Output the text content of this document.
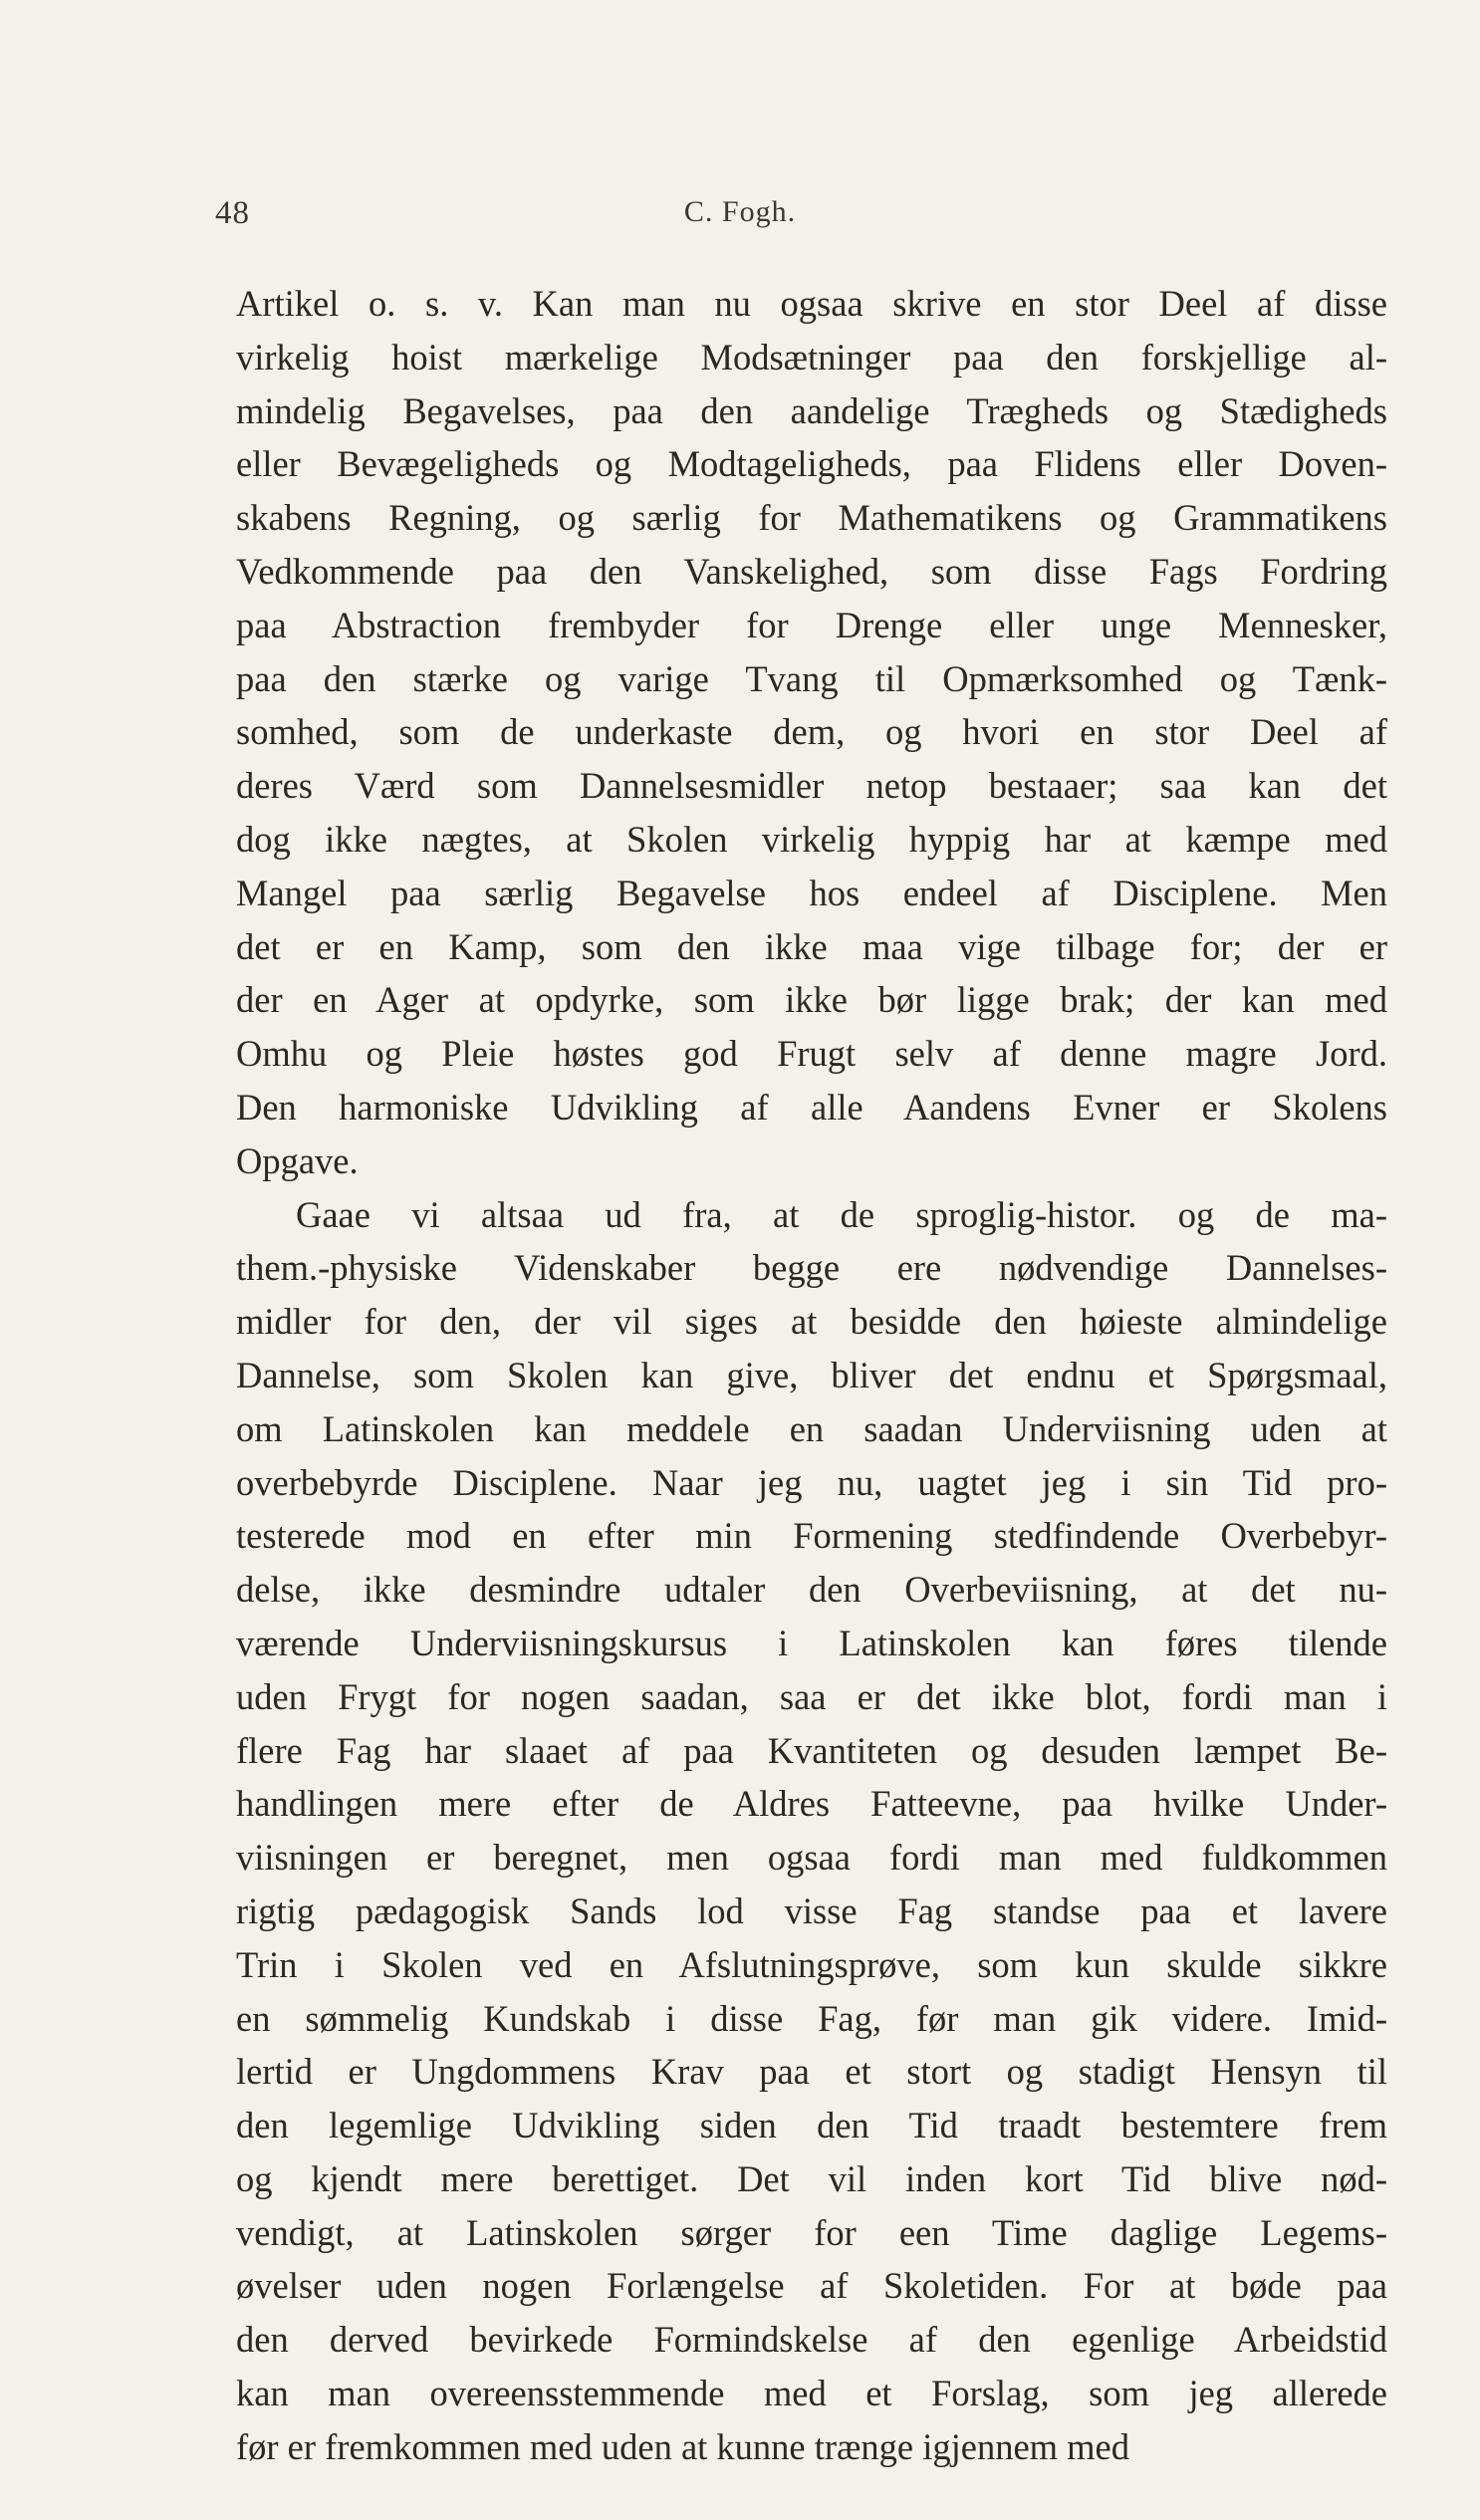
48	C. Fogh.
Artikel o. s. v. Kan man nu ogsaa skrive en stor Deel af disse
virkelig hoist mærkelige Modsætninger paa den forskjellige al-
mindelig Begavelses, paa den aandelige Trægheds og Stædigheds
eller Bevægeligheds og Modtageligheds, paa Flidens eller Doven-
skabens Regning, og særlig for Mathematikens og Grammatikens
Vedkommende paa den Vanskelighed, som disse Fags Fordring
paa Abstraction frembyder for Drenge eller unge Mennesker,
paa den stærke og varige Tvang til Opmærksomhed og Tænk-
somhed, som de underkaste dem, og hvori en stor Deel af
deres Værd som Dannelsesmidler netop bestaaer; saa kan det
dog ikke nægtes, at Skolen virkelig hyppig har at kæmpe med
Mangel paa særlig Begavelse hos endeel af Disciplene. Men
det er en Kamp, som den ikke maa vige tilbage for; der er
der en Ager at opdyrke, som ikke bør ligge brak; der kan med
Omhu og Pleie høstes god Frugt selv af denne magre Jord.
Den harmoniske Udvikling af alle Aandens Evner er Skolens
Opgave.
Gaae vi altsaa ud fra, at de sproglig-histor. og de ma-
them.-physiske Videnskaber begge ere nødvendige Dannelses-
midler for den, der vil siges at besidde den høieste almindelige
Dannelse, som Skolen kan give, bliver det endnu et Spørgsmaal,
om Latinskolen kan meddele en saadan Underviisning uden at
overbebyrde Disciplene. Naar jeg nu, uagtet jeg i sin Tid pro-
testerede mod en efter min Formening stedfindende Overbebyr-
delse, ikke desmindre udtaler den Overbeviisning, at det nu-
værende Underviisningskursus i Latinskolen kan føres tilende
uden Frygt for nogen saadan, saa er det ikke blot, fordi man i
flere Fag har slaaet af paa Kvantiteten og desuden læmpet Be-
handlingen mere efter de Aldres Fatteevne, paa hvilke Under-
viisningen er beregnet, men ogsaa fordi man med fuldkommen
rigtig pædagogisk Sands lod visse Fag standse paa et lavere
Trin i Skolen ved en Afslutningsprøve, som kun skulde sikkre
en sømmelig Kundskab i disse Fag, før man gik videre. Imid-
lertid er Ungdommens Krav paa et stort og stadigt Hensyn til
den legemlige Udvikling siden den Tid traadt bestemtere frem
og kjendt mere berettiget. Det vil inden kort Tid blive nød-
vendigt, at Latinskolen sørger for een Time daglige Legems-
øvelser uden nogen Forlængelse af Skoletiden. For at bøde paa
den derved bevirkede Formindskelse af den egenlige Arbeidstid
kan man overeensstemmende med et Forslag, som jeg allerede
før er fremkommen med uden at kunne trænge igjennem med
